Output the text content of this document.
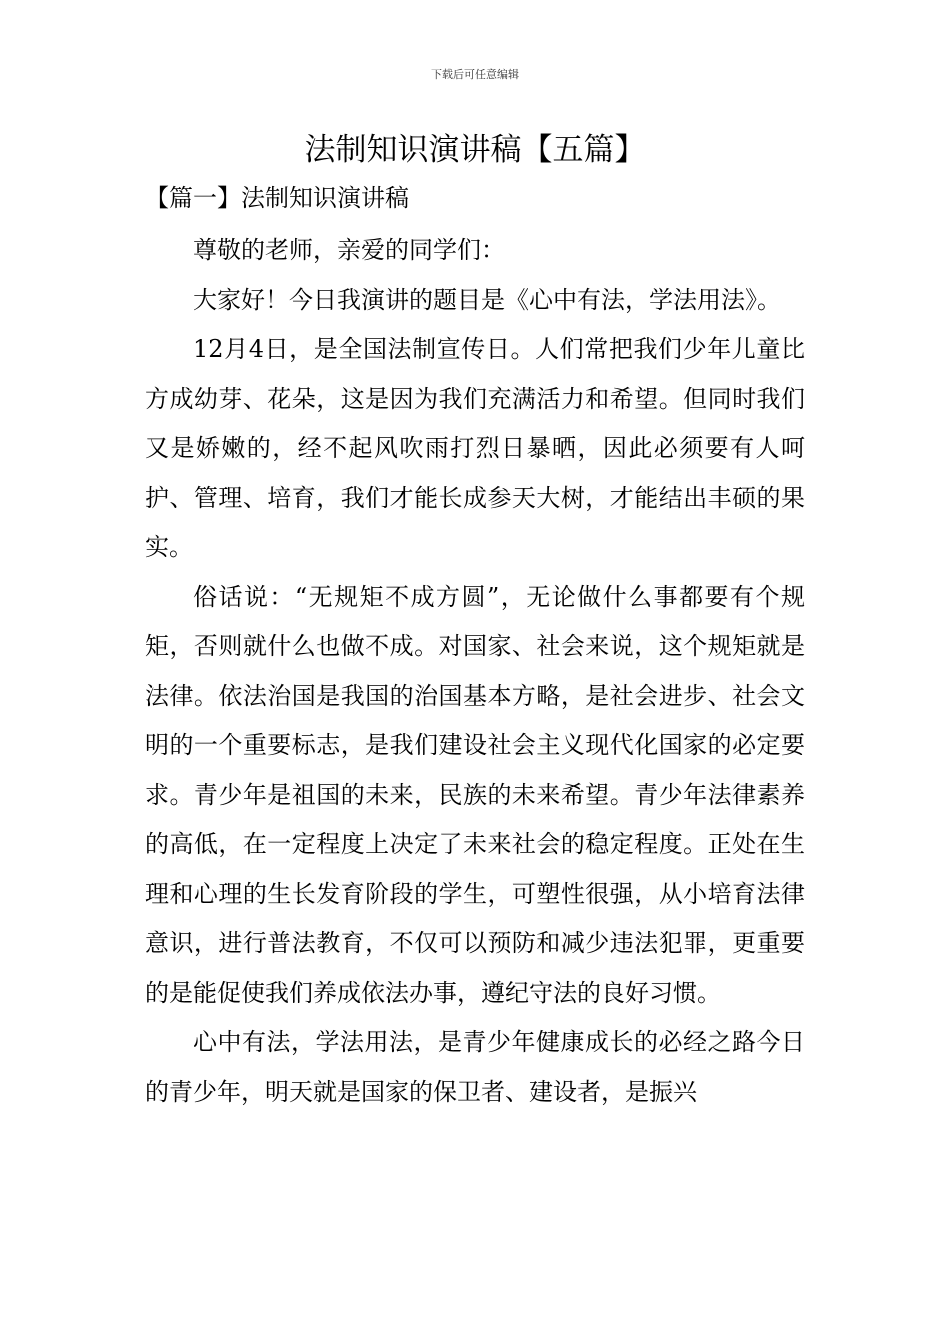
下载后可任意编辑
法制知识演讲稿【五篇】
【篇一】法制知识演讲稿

尊敬的老师，亲爱的同学们：

大家好！今日我演讲的题目是《心中有法，学法用法》。

12月4日，是全国法制宣传日。人们常把我们少年儿童比方成幼芽、花朵，这是因为我们充满活力和希望。但同时我们又是娇嫩的，经不起风吹雨打烈日暴晒，因此必须要有人呵护、管理、培育，我们才能长成参天大树，才能结出丰硕的果实。

俗话说：“无规矩不成方圆”，无论做什么事都要有个规矩，否则就什么也做不成。对国家、社会来说，这个规矩就是法律。依法治国是我国的治国基本方略，是社会进步、社会文明的一个重要标志，是我们建设社会主义现代化国家的必定要求。青少年是祖国的未来，民族的未来希望。青少年法律素养的高低，在一定程度上决定了未来社会的稳定程度。正处在生理和心理的生长发育阶段的学生，可塑性很强，从小培育法律意识，进行普法教育，不仅可以预防和减少违法犯罪，更重要的是能促使我们养成依法办事，遵纪守法的良好习惯。

心中有法，学法用法，是青少年健康成长的必经之路今日的青少年，明天就是国家的保卫者、建设者，是振兴
